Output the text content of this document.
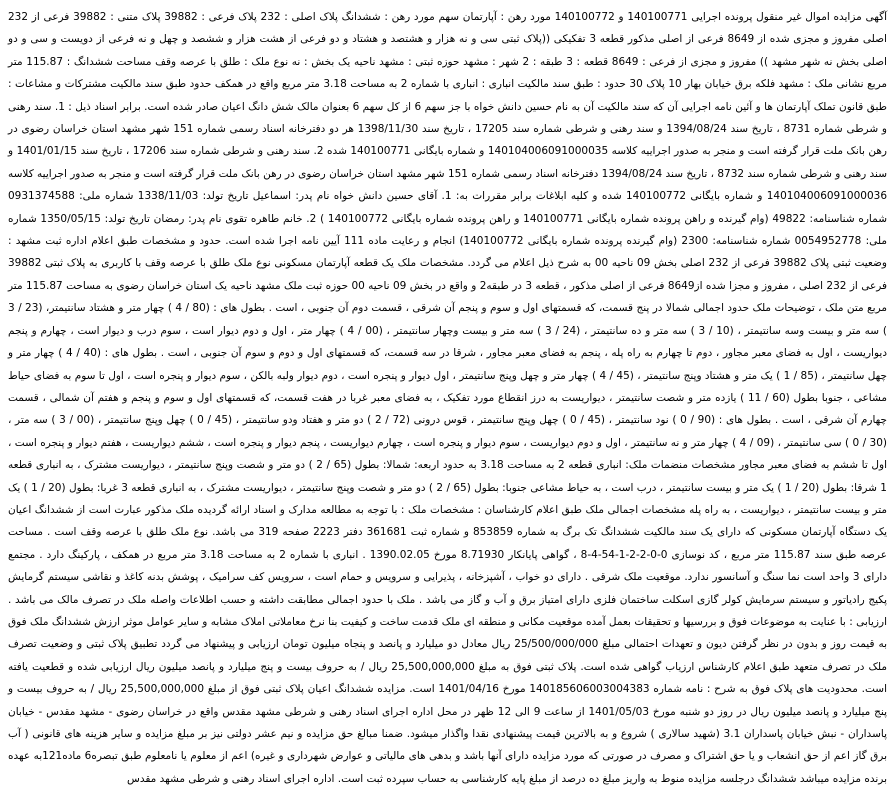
آگهی مزایده اموال غیر منقول پرونده اجرایی 140100771 و 140100772 مورد رهن : آپارتمان سهم مورد رهن : ششدانگ پلاک اصلی : 232 پلاک فرعی : 39882 پلاک متنی : 39882 فرعی از 232 اصلی مفروز و مجزی شده از 8649 فرعی از اصلی مذکور قطعه 3 تفکیکی ((پلاک ثبتی سی و نه هزار و هشتصد و هشتاد و دو فرعی از هشت هزار و ششصد و چهل و نه فرعی از دویست و سی و دو اصلی بخش نه شهر مشهد )) مفروز و مجزی از فرعی : 8649 قطعه : 3 طبقه : 2 شهر : مشهد حوزه ثبتی : مشهد ناحیه یک بخش : نه نوع ملک : طلق با عرصه وقف مساحت ششدانگ : 115.87 متر مربع نشانی ملک : مشهد فلکه برق خیابان بهار 10 پلاک 30 حدود : طبق سند مالکیت انباری : انباری با شماره 2 به مساحت 3.18 متر مربع واقع در همکف حدود طبق سند مالکیت مشترکات و مشاعات : طبق قانون تملک آپارتمان ها و آئین نامه اجرایی آن که سند مالکیت آن به نام حسین دانش خواه با جز سهم 6 از کل سهم 6 بعنوان مالک شش دانگ اعیان صادر شده است. برابر اسناد ذیل : 1. سند رهنی و شرطی شماره 8731 ، تاریخ سند 1394/08/24 و سند رهنی و شرطی شماره سند 17205 ، تاریخ سند 1398/11/30 هر دو دفترخانه اسناد رسمی شماره 151 شهر مشهد استان خراسان رضوی در رهن بانک ملت قرار گرفته است و منجر به صدور اجراییه کلاسه 140104006091000035 و شماره بایگانی 140100771 شده 2. سند رهنی و شرطی شماره سند 17206 ، تاریخ سند 1401/01/15 و سند رهنی و شرطی شماره سند 8732 ، تاریخ سند 1394/08/24 دفترخانه اسناد رسمی شماره 151 شهر مشهد استان خراسان رضوی در رهن بانک ملت قرار گرفته است و منجر به صدور اجراییه کلاسه 140104006091000036 و شماره بایگانی 140100772 شده و کلیه ابلاغات برابر مقررات به: 1. آقای حسین دانش خواه نام پدر: اسماعیل تاریخ تولد: 1338/11/03 شماره ملی: 0931374588 شماره شناسنامه: 49822 (وام گیرنده و راهن پرونده شماره بایگانی 140100771 و راهن پرونده شماره بایگانی 140100772 ) 2. خانم طاهره تقوی نام پدر: رمضان تاریخ تولد: 1350/05/15 شماره ملی: 0054952778 شماره شناسنامه: 2300 (وام گیرنده پرونده شماره بایگانی 140100772) انجام و رعایت ماده 111 آیین نامه اجرا شده است. حدود و مشخصات طبق اعلام اداره ثبت مشهد : وضعیت ثبتی پلاک 39882 فرعی از 232 اصلی بخش 09 ناحیه 00 به شرح ذیل اعلام می گردد. مشخصات ملک یک قطعه آپارتمان مسکونی نوع ملک طلق با عرصه وقف با کاربری به پلاک ثبتی 39882 فرعی از 232 اصلی ، مفروز و مجزا شده از8649 فرعی از اصلی مذکور ، قطعه 3 در طبقه2 و واقع در بخش 09 ناحیه 00 حوزه ثبت ملک مشهد ناحیه یک استان خراسان رضوی به مساحت 115.87 متر مربع متن ملک ، توضیحات ملک حدود اجمالی شمالا در پنج قسمت، که قسمتهای اول و سوم و پنجم آن شرقی ، قسمت دوم آن جنوبی ، است . بطول های : (80 / 4 ) چهار متر و هشتاد سانتیمتر، (23 / 3 ) سه متر و بیست وسه سانتیمتر ، (10 / 3 ) سه متر و ده سانتیمتر ، (24 / 3 ) سه متر و بیست وچهار سانتیمتر ، (00 / 4 ) چهار متر ، اول و دوم دیوار است ، سوم درب و دیوار است ، چهارم و پنجم دیواریست ، اول به فضای معبر مجاور ، دوم تا چهارم به راه پله ، پنجم به فضای معبر مجاور ، شرقا در سه قسمت، که قسمتهای اول و دوم و سوم آن جنوبی ، است . بطول های : (40 / 4 ) چهار متر و چهل سانتیمتر ، (85 / 1 ) یک متر و هشتاد وپنج سانتیمتر ، (45 / 4 ) چهار متر و چهل وپنج سانتیمتر ، اول دیوار و پنجره است ، دوم دیوار ولبه بالکن ، سوم دیوار و پنجره است ، اول تا سوم به فضای حیاط مشاعی ، جنوبا بطول (60 / 11 ) یازده متر و شصت سانتیمتر ، دیواریست به درز انقطاع مورد تفکیک ، به فضای معبر غربا در هفت قسمت، که قسمتهای اول و سوم و پنجم و هفتم آن شمالی ، قسمت چهارم آن شرقی ، است . بطول های : (90 / 0 ) نود سانتیمتر ، (45 / 0 ) چهل وپنج سانتیمتر ، قوس درونی (72 / 2 ) دو متر و هفتاد ودو سانتیمتر ، (45 / 0 ) چهل وپنج سانتیمتر ، (00 / 3 ) سه متر ، (30 / 0 ) سی سانتیمتر ، (09 / 4 ) چهار متر و نه سانتیمتر ، اول و دوم دیواریست ، سوم دیوار و پنجره است ، چهارم دیواریست ، پنجم دیوار و پنجره است ، ششم دیواریست ، هفتم دیوار و پنجره است ، اول تا ششم به فضای معبر مجاور مشخصات منضمات ملک: انباری قطعه 2 به مساحت 3.18 به حدود اربعه: شمالا: بطول (65 / 2 ) دو متر و شصت وپنج سانتیمتر ، دیواریست مشترک ، به انباری قطعه 1 شرقا: بطول (20 / 1 ) یک متر و بیست سانتیمتر ، درب است ، به حیاط مشاعی جنوبا: بطول (65 / 2 ) دو متر و شصت وپنج سانتیمتر ، دیواریست مشترک ، به انباری قطعه 3 غربا: بطول (20 / 1 ) یک متر و بیست سانتیمتر ، دیواریست ، به راه پله مشخصات اجمالی ملک طبق اعلام کارشناسان : مشخصات ملک : با توجه به مطالعه مدارک و اسناد ارائه گردیده ملک مذکور عبارت است از ششدانگ اعیان یک دستگاه آپارتمان مسکونی که دارای یک سند مالکیت ششدانگ تک برگ به شماره 853859 و شماره ثبت 361681 دفتر 2223 صفحه 319 می باشد. نوع ملک طلق با عرصه وقف است . مساحت عرصه طبق سند 115.87 متر مربع ، کد نوسازی 0-0-2-2-1-54-4-8 ، گواهی پایانکار 8.71930 مورخ 1390.02.05 . انباری با شماره 2 به مساحت 3.18 متر مربع در همکف ، پارکینگ دارد . مجتمع دارای 3 واحد است نما سنگ و آسانسور ندارد. موقعیت ملک شرقی . دارای دو خواب ، آشپزخانه ، پذیرایی و سرویس و حمام است ، سرویس کف سرامیک ، پوشش بدنه کاغذ و نقاشی سیستم گرمایش پکیج رادیاتور و سیستم سرمایش کولر گازی اسکلت ساختمان فلزی دارای امتیاز برق و آب و گاز می باشد . ملک با حدود اجمالی مطابقت داشته و حسب اطلاعات واصله ملک در تصرف مالک می باشد . ارزیابی : با عنایت به موضوعات فوق و بررسیها و تحقیقات بعمل آمده موقعیت مکانی و منطقه ای ملک قدمت ساخت و کیفیت بنا نرخ معاملاتی املاک مشابه و سایر عوامل موثر ارزش ششدانگ ملک فوق به قیمت روز و بدون در نظر گرفتن دیون و تعهدات احتمالی مبلغ 25/500/000/000 ریال معادل دو میلیارد و پانصد و پنجاه میلیون تومان ارزیابی و پیشنهاد می گردد تطبیق پلاک ثبتی و وضعیت تصرف ملک در تصرف متعهد طبق اعلام کارشناس ارزیاب گواهی شده است. پلاک ثبتی فوق به مبلغ 25,500,000,000 ریال / به حروف بیست و پنج میلیارد و پانصد میلیون ریال ارزیابی شده و قطعیت یافته است. محدودیت های پلاک فوق به شرح : نامه شماره 140185606003004383 مورخ 1401/04/16 است. مزایده ششدانگ اعیان پلاک ثبتی فوق از مبلغ 25,500,000,000 ریال / به حروف بیست و پنج میلیارد و پانصد میلیون ریال در روز دو شنبه مورخ 1401/05/03 از ساعت 9 الی 12 ظهر در محل اداره اجرای اسناد رهنی و شرطی مشهد مقدس واقع در خراسان رضوی - مشهد مقدس - خیابان پاسداران - نبش خیابان پاسداران 3.1 (شهید سالاری ) شروع و به بالاترین قیمت پیشنهادی نقدا واگذار میشود. ضمنا مبالغ حق مزایده و نیم عشر دولتی نیز بر مبلغ مزایده و سایر هزینه های قانونی ( آب برق گاز اعم از حق انشعاب و یا حق اشتراک و مصرف در صورتی که مورد مزایده دارای آنها باشد و بدهی های مالیاتی و عوارض شهرداری و غیره) اعم از معلوم یا نامعلوم طبق تبصره6 ماده121به عهده برنده مزایده میباشد ششدانگ درجلسه مزایده منوط به واریز مبلغ ده درصد از مبلغ پایه کارشناسی به حساب سپرده ثبت است. اداره اجرای اسناد رهنی و شرطی مشهد مقدس
